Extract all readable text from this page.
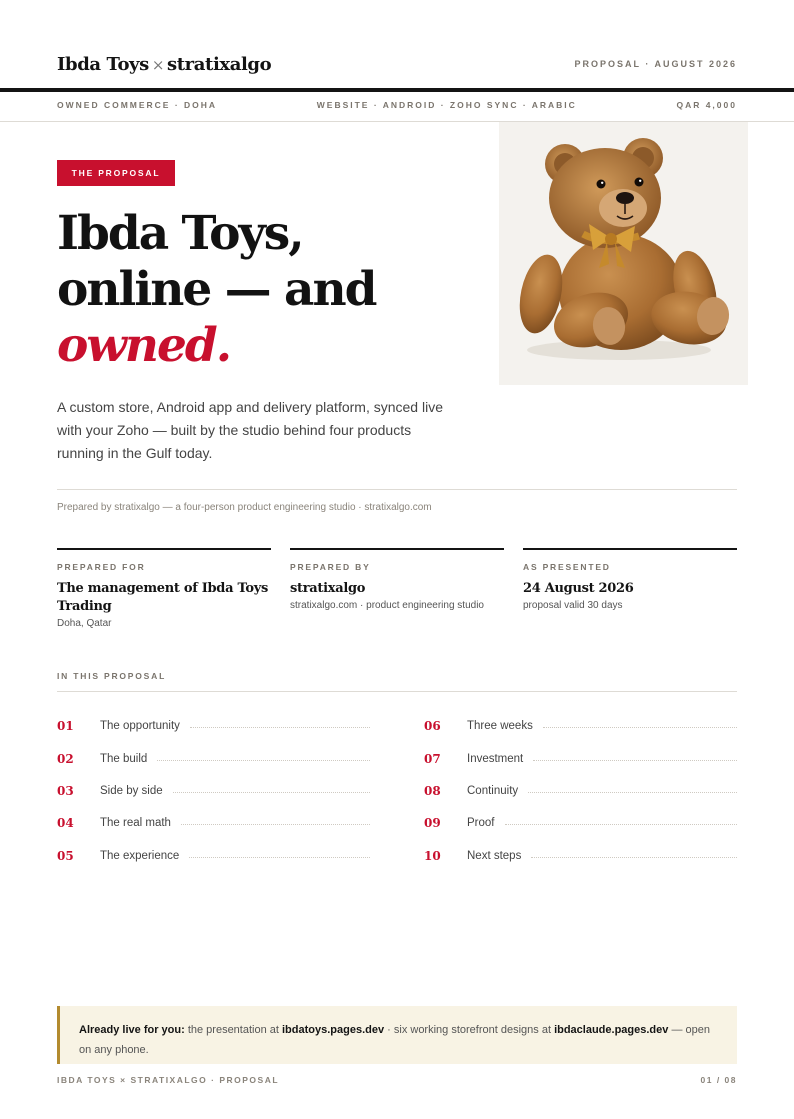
Ibda Toys × stratixalgo	PROPOSAL · AUGUST 2026
OWNED COMMERCE · DOHA	WEBSITE · ANDROID · ZOHO SYNC · ARABIC	QAR 4,000
THE PROPOSAL
Ibda Toys,
online — and
owned.

A custom store, Android app and delivery platform, synced live with your Zoho — built by the studio behind four products running in the Gulf today.

Prepared by stratixalgo — a four-person product engineering studio · stratixalgo.com
PREPARED FOR
The management of Ibda Toys Trading
Doha, Qatar
PREPARED BY
stratixalgo
stratixalgo.com · product engineering studio
AS PRESENTED
24 August 2026
proposal valid 30 days
IN THIS PROPOSAL
01	The opportunity
02	The build
03	Side by side
04	The real math
05	The experience
06	Three weeks
07	Investment
08	Continuity
09	Proof
10	Next steps
Already live for you: the presentation at ibdatoys.pages.dev · six working storefront designs at ibdaclaude.pages.dev — open on any phone.
IBDA TOYS × STRATIXALGO · PROPOSAL	01 / 08
